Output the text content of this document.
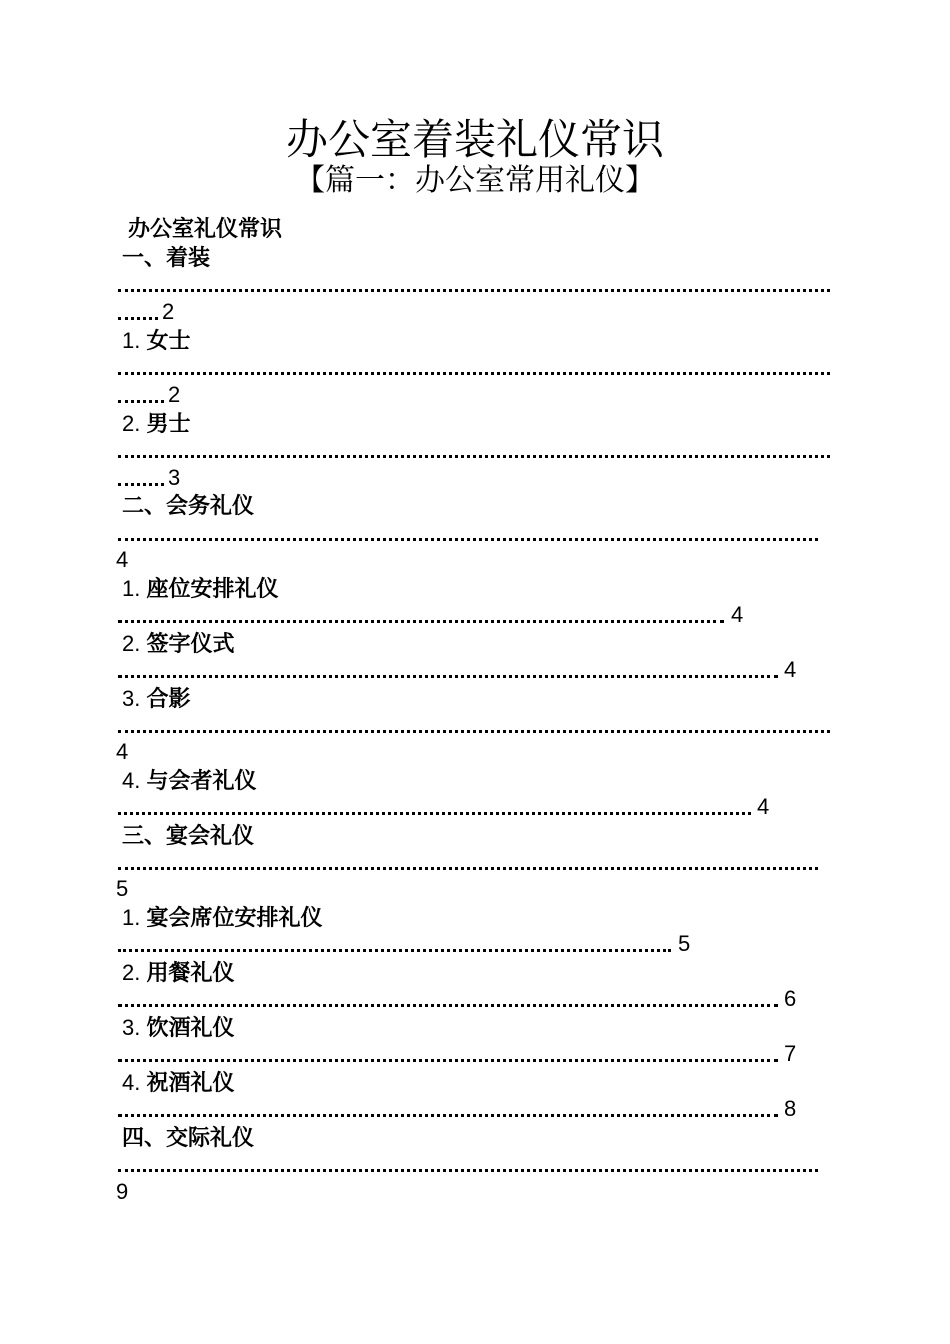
办公室着装礼仪常识
【篇一：办公室常用礼仪】
办公室礼仪常识
一、着装
2
1. 女士
2
2. 男士
3
二、会务礼仪
4
1. 座位安排礼仪
4
2. 签字仪式
4
3. 合影
4
4. 与会者礼仪
4
三、宴会礼仪
5
1. 宴会席位安排礼仪
5
2. 用餐礼仪
6
3. 饮酒礼仪
7
4. 祝酒礼仪
8
四、交际礼仪
9
